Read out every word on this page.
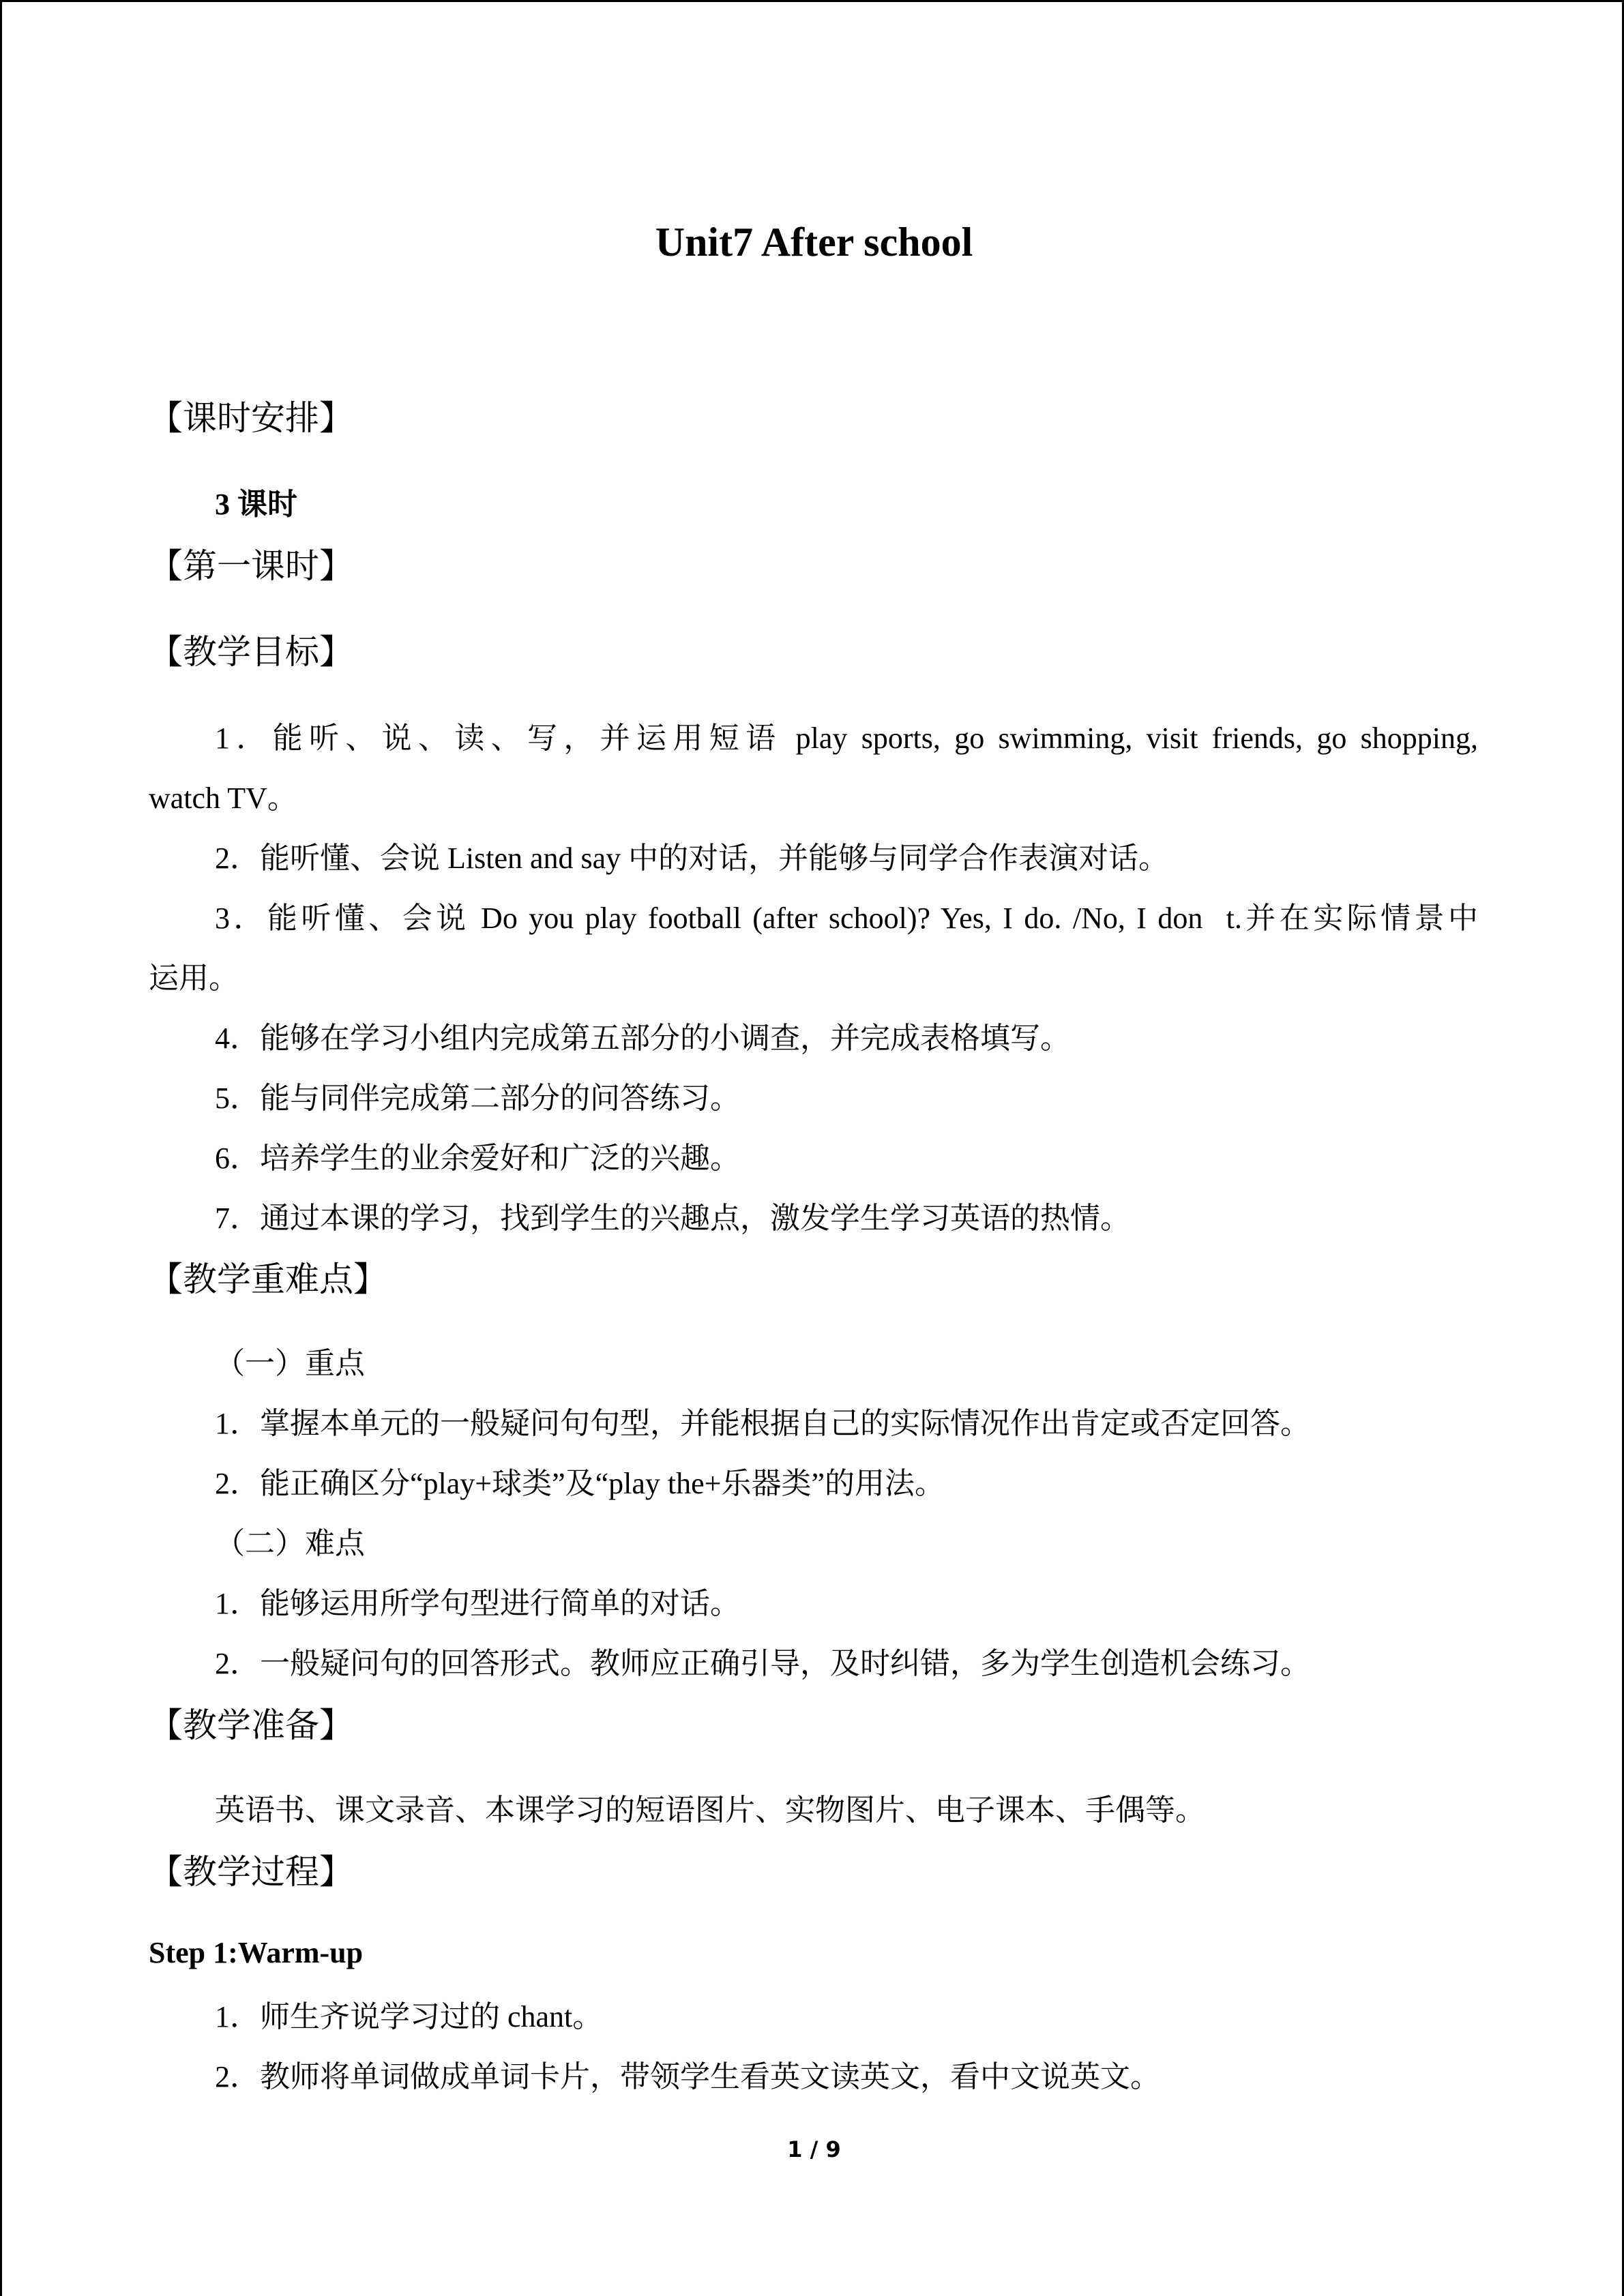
Unit7 After school
【课时安排】
3 课时
【第一课时】
【教学目标】
1．能听、说、读、写，并运用短语 play sports, go swimming, visit friends, go shopping,
watch TV。
2．能听懂、会说 Listen and say 中的对话，并能够与同学合作表演对话。
3．能听懂、会说 Do you play football (after school)? Yes, I do. /No, I don t.并在实际情景中
运用。
4．能够在学习小组内完成第五部分的小调查，并完成表格填写。
5．能与同伴完成第二部分的问答练习。
6．培养学生的业余爱好和广泛的兴趣。
7．通过本课的学习，找到学生的兴趣点，激发学生学习英语的热情。
【教学重难点】
（一）重点
1．掌握本单元的一般疑问句句型，并能根据自己的实际情况作出肯定或否定回答。
2．能正确区分“play+球类”及“play the+乐器类”的用法。
（二）难点
1．能够运用所学句型进行简单的对话。
2．一般疑问句的回答形式。教师应正确引导，及时纠错，多为学生创造机会练习。
【教学准备】
英语书、课文录音、本课学习的短语图片、实物图片、电子课本、手偶等。
【教学过程】
Step 1:Warm-up
1．师生齐说学习过的 chant。
2．教师将单词做成单词卡片，带领学生看英文读英文，看中文说英文。
1 / 9
